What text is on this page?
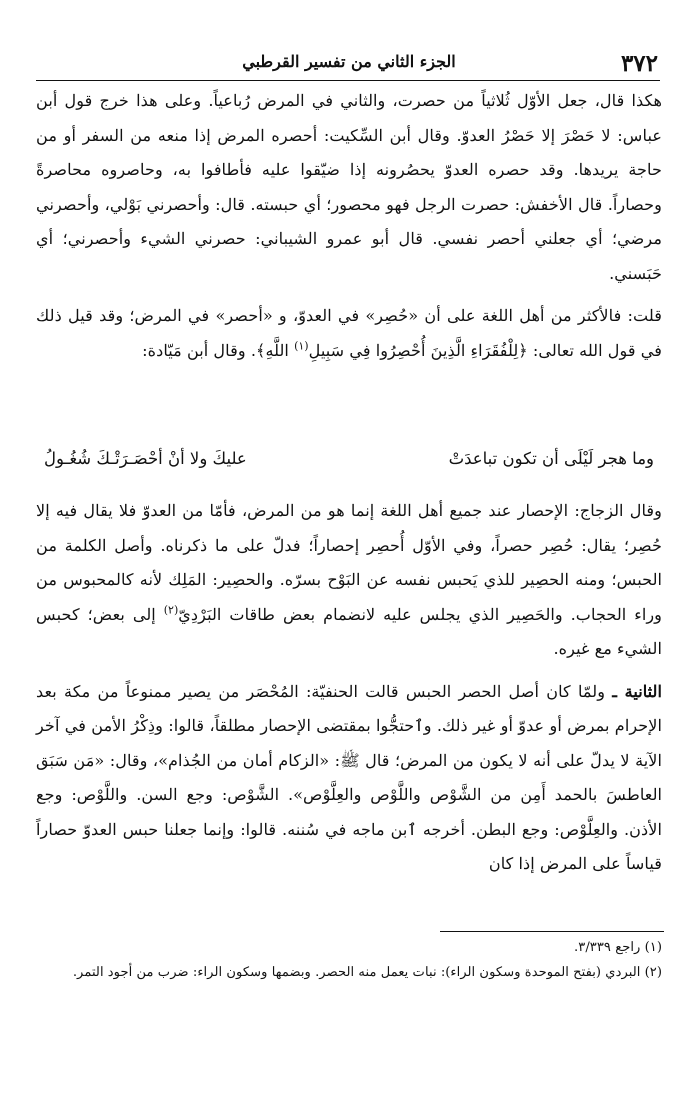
٣٧٢
الجزء الثاني من تفسير القرطبي

هكذا قال، جعل الأوّل ثُلاثياً من حصرت، والثاني في المرض رُباعياً. وعلى هذا خرج قول أبن عباس: لا حَصْرَ إلا حَصْرُ العدوّ. وقال أبن السِّكيت: أحصره المرض إذا منعه من السفر أو من حاجة يريدها. وقد حصره العدوّ يحصُرونه إذا ضيّقوا عليه فأطافوا به، وحاصروه محاصرةً وحصاراً. قال الأخفش: حصرت الرجل فهو محصور؛ أي حبسته. قال: وأحصرني بَوْلي، وأحصرني مرضي؛ أي جعلني أحصر نفسي. قال أبو عمرو الشيباني: حصرني الشيء وأحصرني؛ أي حَبَسني.

قلت: فالأكثر من أهل اللغة على أن «حُصِر» في العدوّ، و «أحصر» في المرض؛ وقد قيل ذلك في قول الله تعالى: ﴿لِلْفُقَرَاءِ الَّذِينَ أُحْصِرُوا فِي سَبِيلِ$^{(١)}$ اللَّهِ﴾. وقال أبن مَيّادة:

وما هجر لَيْلَى أن تكون تباعدَتْ
عليكَ ولا أنْ أحْصَـرَتْـكَ شُغُـولُ

وقال الزجاج: الإحصار عند جميع أهل اللغة إنما هو من المرض، فأمّا من العدوّ فلا يقال فيه إلا حُصِر؛ يقال: حُصِر حصراً، وفي الأوّل أُحصِر إحصاراً؛ فدلّ على ما ذكرناه. وأصل الكلمة من الحبس؛ ومنه الحصِير للذي يَحبس نفسه عن البَوْح بسرّه. والحصِير: المَلِك لأنه كالمحبوس من وراء الحجاب. والحَصِير الذي يجلس عليه لانضمام بعض طاقات البَرْدِيّ$^{(٢)}$ إلى بعض؛ كحبس الشيء مع غيره.

الثانية ـ ولمّا كان أصل الحصر الحبس قالت الحنفيّة: المُحْصَر من يصير ممنوعاً من مكة بعد الإحرام بمرض أو عدوّ أو غير ذلك. وٱحتجُّوا بمقتضى الإحصار مطلقاً، قالوا: وذِكْرُ الأمن في آخر الآية لا يدلّ على أنه لا يكون من المرض؛ قال ﷺ: «الزكام أمان من الجُذام»، وقال: «مَن سَبَق العاطسَ بالحمد أَمِن من الشَّوْص واللَّوْص والعِلَّوْص». الشَّوْص: وجع السن. واللَّوْص: وجع الأذن. والعِلَّوْص: وجع البطن. أخرجه ٱبن ماجه في سُننه. قالوا: وإنما جعلنا حبس العدوّ حصاراً قياساً على المرض إذا كان

(١) راجع ٣/٣٣٩.

(٢) البردي (بفتح الموحدة وسكون الراء): نبات يعمل منه الحصر. وبضمها وسكون الراء: ضرب من أجود التمر.
